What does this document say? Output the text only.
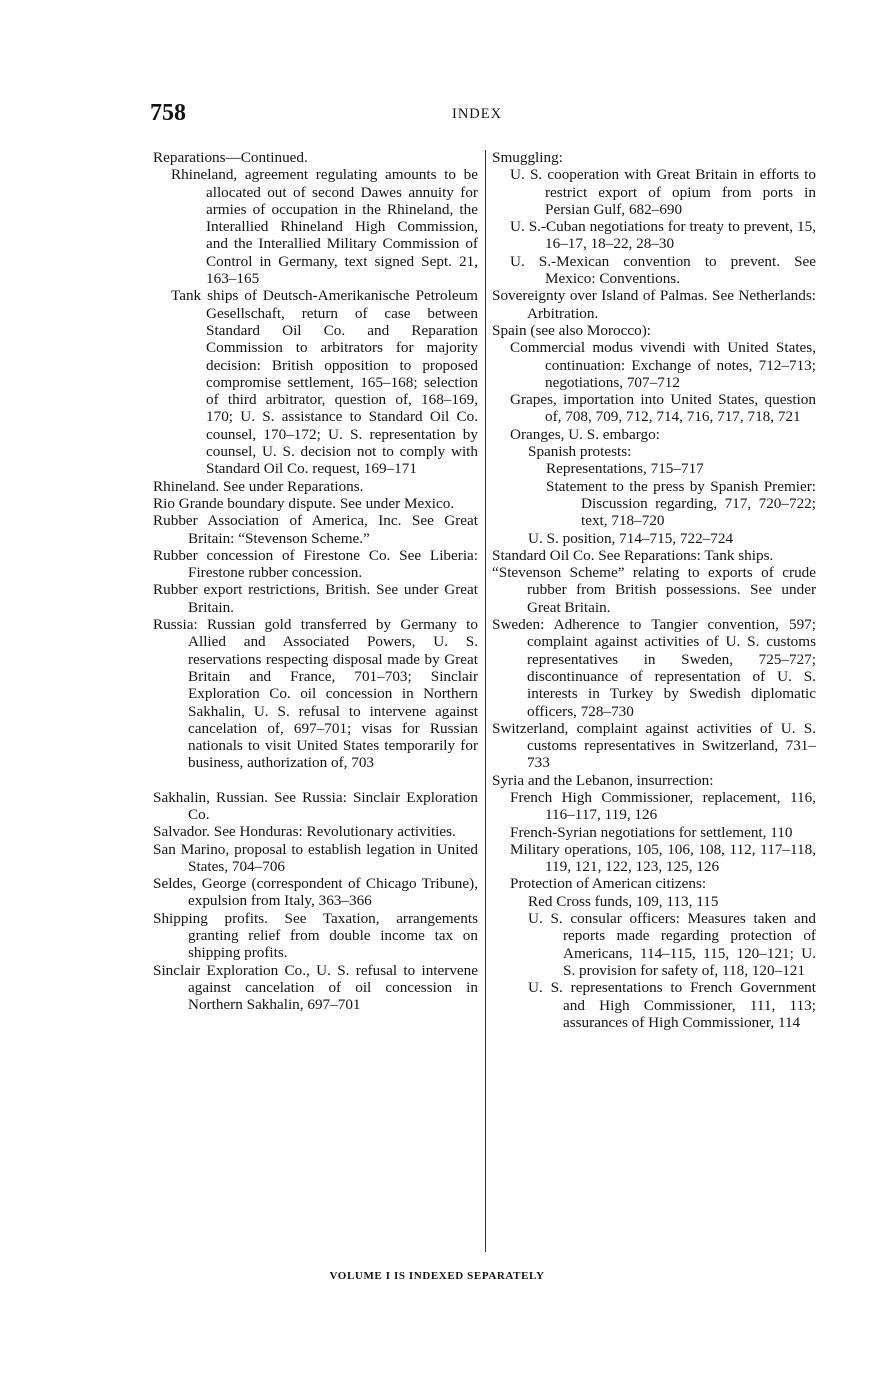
758	INDEX
Reparations—Continued.
Rhineland, agreement regulating amounts to be allocated out of second Dawes annuity for armies of occupation in the Rhineland, the Interallied Rhineland High Commission, and the Interallied Military Commission of Control in Germany, text signed Sept. 21, 163–165
Tank ships of Deutsch-Amerikanische Petroleum Gesellschaft, return of case between Standard Oil Co. and Reparation Commission to arbitrators for majority decision: British opposition to proposed compromise settlement, 165–168; selection of third arbitrator, question of, 168–169, 170; U. S. assistance to Standard Oil Co. counsel, 170–172; U. S. representation by counsel, U. S. decision not to comply with Standard Oil Co. request, 169–171
Rhineland. See under Reparations.
Rio Grande boundary dispute. See under Mexico.
Rubber Association of America, Inc. See Great Britain: “Stevenson Scheme.”
Rubber concession of Firestone Co. See Liberia: Firestone rubber concession.
Rubber export restrictions, British. See under Great Britain.
Russia: Russian gold transferred by Germany to Allied and Associated Powers, U. S. reservations respecting disposal made by Great Britain and France, 701–703; Sinclair Exploration Co. oil concession in Northern Sakhalin, U. S. refusal to intervene against cancelation of, 697–701; visas for Russian nationals to visit United States temporarily for business, authorization of, 703
Sakhalin, Russian. See Russia: Sinclair Exploration Co.
Salvador. See Honduras: Revolutionary activities.
San Marino, proposal to establish legation in United States, 704–706
Seldes, George (correspondent of Chicago Tribune), expulsion from Italy, 363–366
Shipping profits. See Taxation, arrangements granting relief from double income tax on shipping profits.
Sinclair Exploration Co., U. S. refusal to intervene against cancelation of oil concession in Northern Sakhalin, 697–701
Smuggling:
U. S. cooperation with Great Britain in efforts to restrict export of opium from ports in Persian Gulf, 682–690
U. S.-Cuban negotiations for treaty to prevent, 15, 16–17, 18–22, 28–30
U. S.-Mexican convention to prevent. See Mexico: Conventions.
Sovereignty over Island of Palmas. See Netherlands: Arbitration.
Spain (see also Morocco):
Commercial modus vivendi with United States, continuation: Exchange of notes, 712–713; negotiations, 707–712
Grapes, importation into United States, question of, 708, 709, 712, 714, 716, 717, 718, 721
Oranges, U. S. embargo:
Spanish protests:
Representations, 715–717
Statement to the press by Spanish Premier: Discussion regarding, 717, 720–722; text, 718–720
U. S. position, 714–715, 722–724
Standard Oil Co. See Reparations: Tank ships.
“Stevenson Scheme” relating to exports of crude rubber from British possessions. See under Great Britain.
Sweden: Adherence to Tangier convention, 597; complaint against activities of U. S. customs representatives in Sweden, 725–727; discontinuance of representation of U. S. interests in Turkey by Swedish diplomatic officers, 728–730
Switzerland, complaint against activities of U. S. customs representatives in Switzerland, 731–733
Syria and the Lebanon, insurrection:
French High Commissioner, replacement, 116, 116–117, 119, 126
French-Syrian negotiations for settlement, 110
Military operations, 105, 106, 108, 112, 117–118, 119, 121, 122, 123, 125, 126
Protection of American citizens:
Red Cross funds, 109, 113, 115
U. S. consular officers: Measures taken and reports made regarding protection of Americans, 114–115, 115, 120–121; U. S. provision for safety of, 118, 120–121
U. S. representations to French Government and High Commissioner, 111, 113; assurances of High Commissioner, 114
VOLUME I IS INDEXED SEPARATELY
